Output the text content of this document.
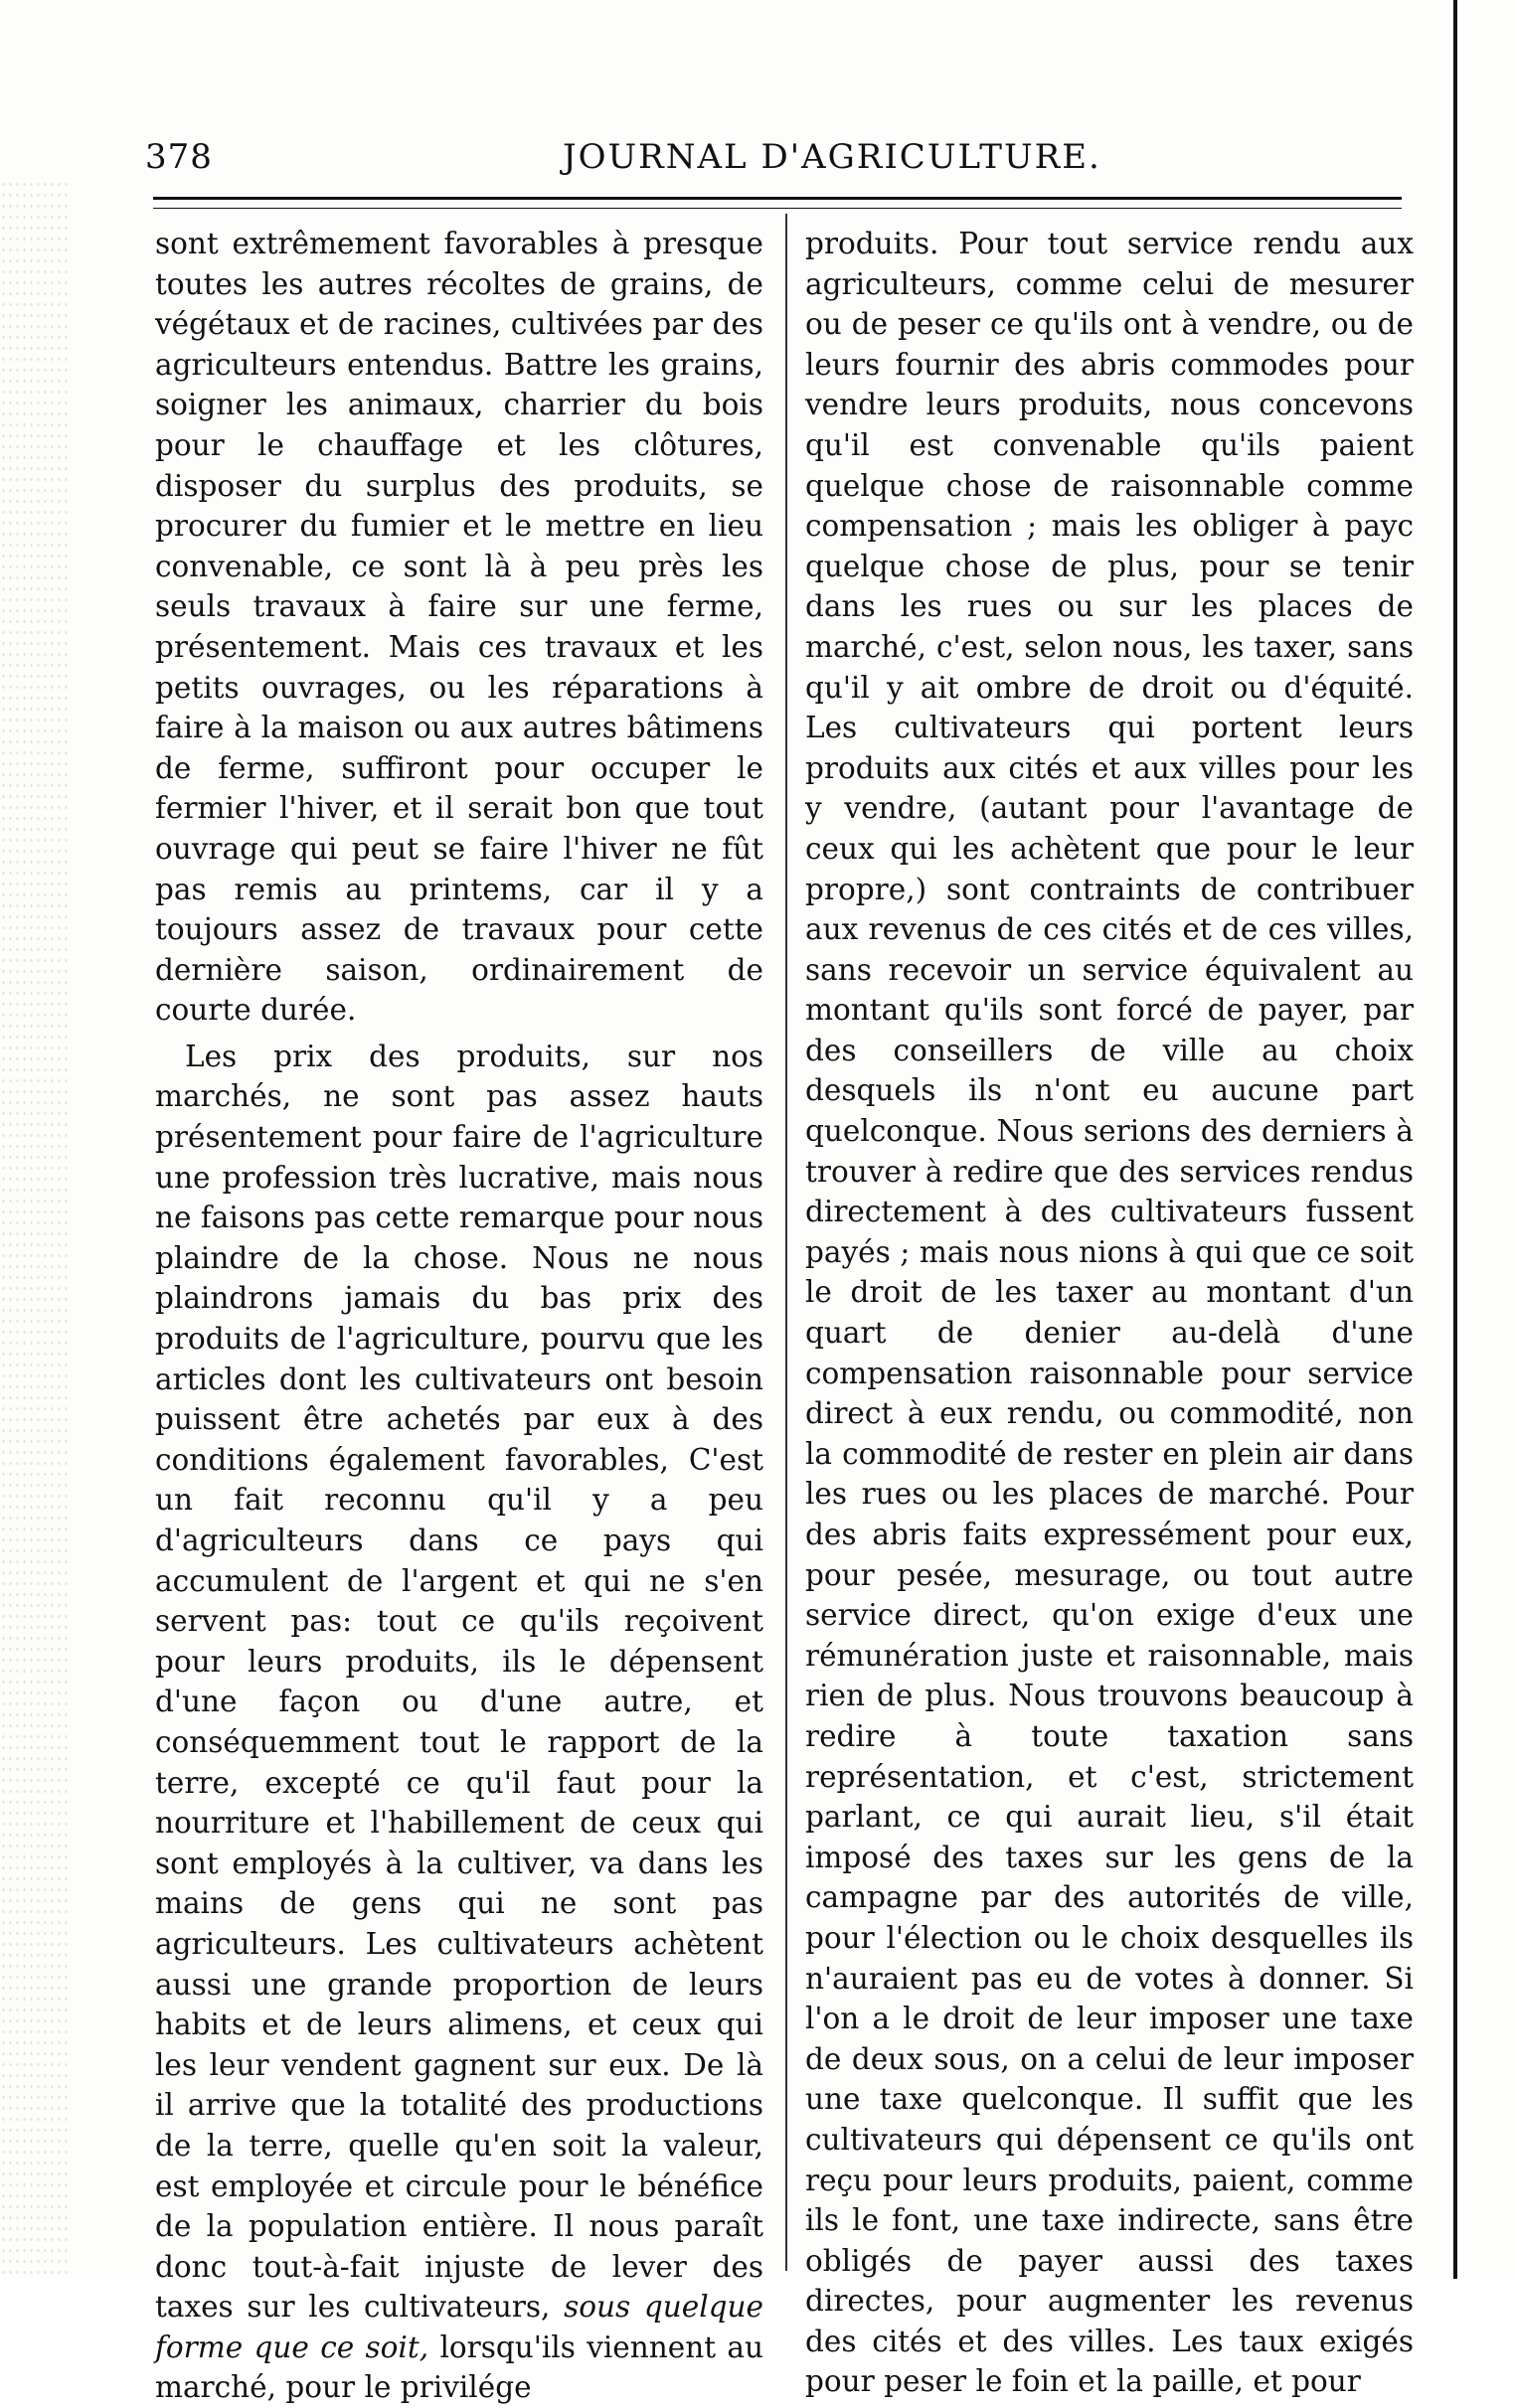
378	JOURNAL D'AGRICULTURE.

sont extrêmement favorables à presque toutes les autres récoltes de grains, de végétaux et de racines, cultivées par des agriculteurs entendus. Battre les grains, soigner les animaux, charrier du bois pour le chauffage et les clôtures, disposer du surplus des produits, se procurer du fumier et le mettre en lieu convenable, ce sont là à peu près les seuls travaux à faire sur une ferme, présentement. Mais ces travaux et les petits ouvrages, ou les réparations à faire à la maison ou aux autres bâtimens de ferme, suffiront pour occuper le fermier l'hiver, et il serait bon que tout ouvrage qui peut se faire l'hiver ne fût pas remis au printems, car il y a toujours assez de travaux pour cette dernière saison, ordinairement de courte durée.

Les prix des produits, sur nos marchés, ne sont pas assez hauts présentement pour faire de l'agriculture une profession très lucrative, mais nous ne faisons pas cette remarque pour nous plaindre de la chose. Nous ne nous plaindrons jamais du bas prix des produits de l'agriculture, pourvu que les articles dont les cultivateurs ont besoin puissent être achetés par eux à des conditions également favorables, C'est un fait reconnu qu'il y a peu d'agriculteurs dans ce pays qui accumulent de l'argent et qui ne s'en servent pas: tout ce qu'ils reçoivent pour leurs produits, ils le dépensent d'une façon ou d'une autre, et conséquemment tout le rapport de la terre, excepté ce qu'il faut pour la nourriture et l'habillement de ceux qui sont employés à la cultiver, va dans les mains de gens qui ne sont pas agriculteurs. Les cultivateurs achètent aussi une grande proportion de leurs habits et de leurs alimens, et ceux qui les leur vendent gagnent sur eux. De là il arrive que la totalité des productions de la terre, quelle qu'en soit la valeur, est employée et circule pour le bénéfice de la population entière. Il nous paraît donc tout-à-fait injuste de lever des taxes sur les cultivateurs, sous quelque forme que ce soit, lorsqu'ils viennent au marché, pour le privilége

produits. Pour tout service rendu aux agriculteurs, comme celui de mesurer ou de peser ce qu'ils ont à vendre, ou de leurs fournir des abris commodes pour vendre leurs produits, nous concevons qu'il est convenable qu'ils paient quelque chose de raisonnable comme compensation ; mais les obliger à payc quelque chose de plus, pour se tenir dans les rues ou sur les places de marché, c'est, selon nous, les taxer, sans qu'il y ait ombre de droit ou d'équité. Les cultivateurs qui portent leurs produits aux cités et aux villes pour les y vendre, (autant pour l'avantage de ceux qui les achètent que pour le leur propre,) sont contraints de contribuer aux revenus de ces cités et de ces villes, sans recevoir un service équivalent au montant qu'ils sont forcé de payer, par des conseillers de ville au choix desquels ils n'ont eu aucune part quelconque. Nous serions des derniers à trouver à redire que des services rendus directement à des cultivateurs fussent payés ; mais nous nions à qui que ce soit le droit de les taxer au montant d'un quart de denier au-delà d'une compensation raisonnable pour service direct à eux rendu, ou commodité, non la commodité de rester en plein air dans les rues ou les places de marché. Pour des abris faits expressément pour eux, pour pesée, mesurage, ou tout autre service direct, qu'on exige d'eux une rémunération juste et raisonnable, mais rien de plus. Nous trouvons beaucoup à redire à toute taxation sans représentation, et c'est, strictement parlant, ce qui aurait lieu, s'il était imposé des taxes sur les gens de la campagne par des autorités de ville, pour l'élection ou le choix desquelles ils n'auraient pas eu de votes à donner. Si l'on a le droit de leur imposer une taxe de deux sous, on a celui de leur imposer une taxe quelconque. Il suffit que les cultivateurs qui dépensent ce qu'ils ont reçu pour leurs produits, paient, comme ils le font, une taxe indirecte, sans être obligés de payer aussi des taxes directes, pour augmenter les revenus des cités et des villes. Les taux exigés pour peser le foin et la paille, et pour
